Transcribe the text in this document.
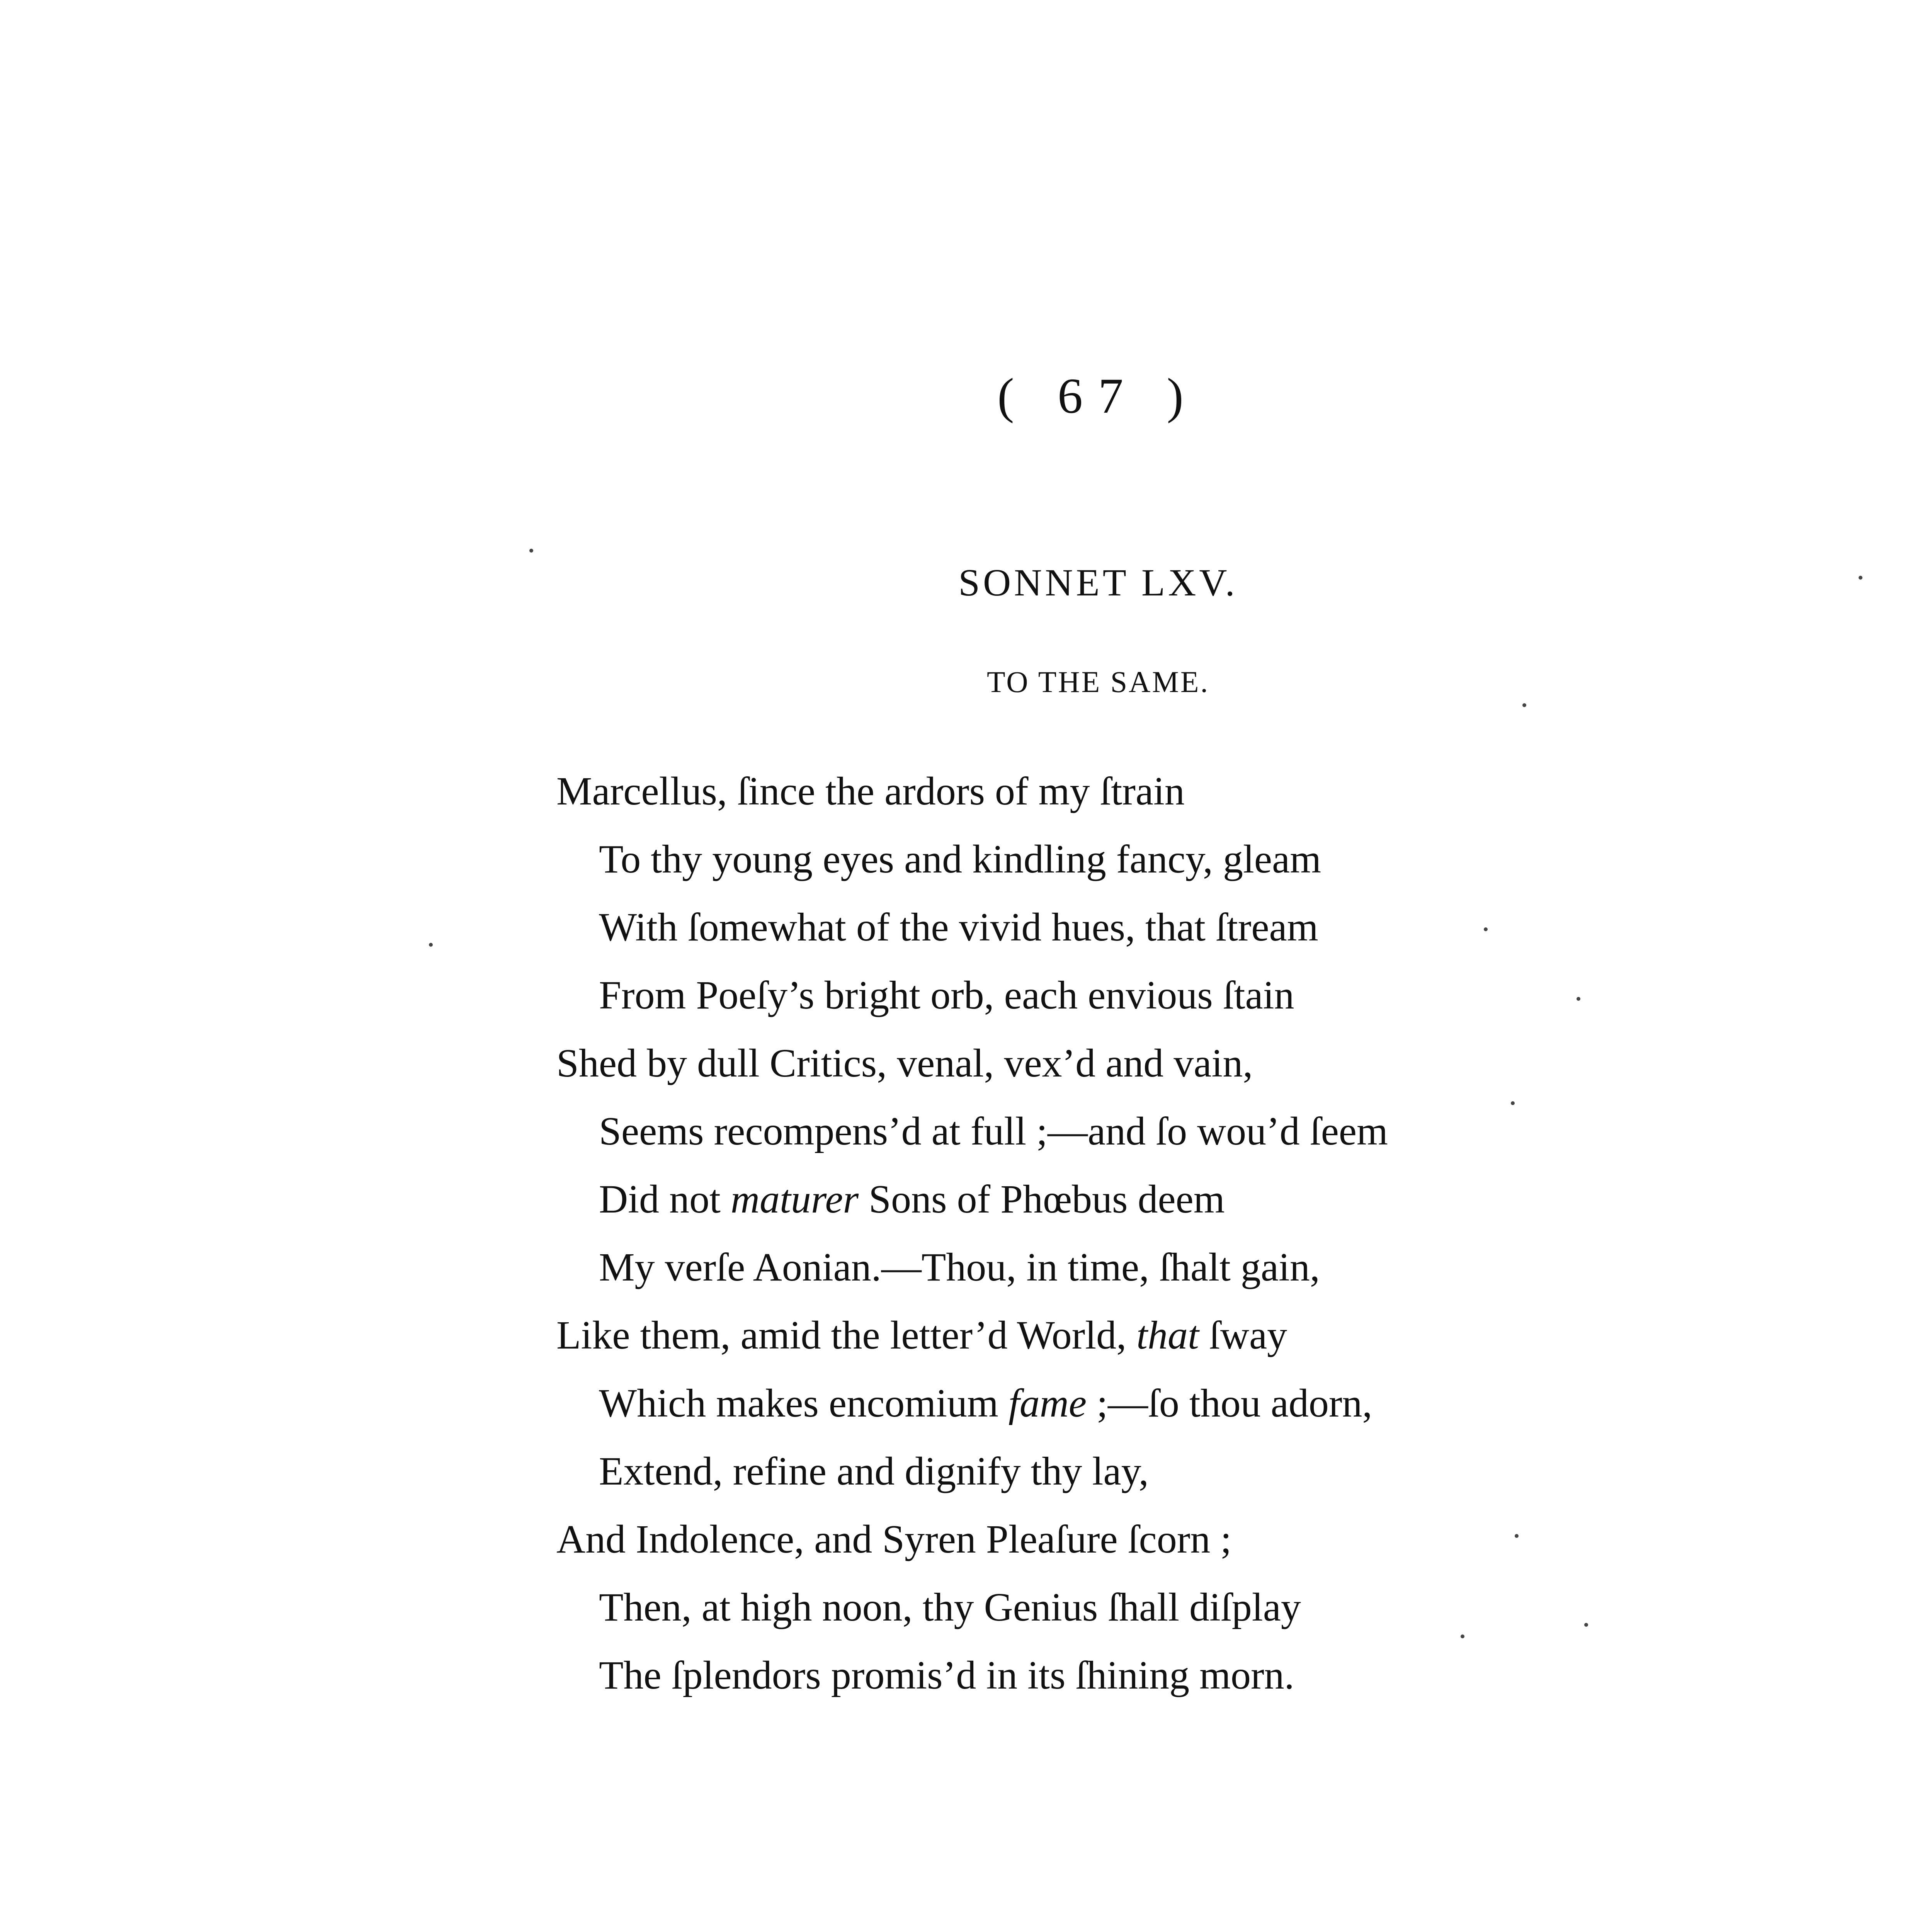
( 67 )
SONNET LXV.
TO THE SAME.
Marcellus, ſince the ardors of my ſtrain
To thy young eyes and kindling fancy, gleam
With ſomewhat of the vivid hues, that ſtream
From Poeſy’s bright orb, each envious ſtain
Shed by dull Critics, venal, vex’d and vain,
Seems recompens’d at full ;—and ſo wou’d ſeem
Did not maturer Sons of Phœbus deem
My verſe Aonian.—Thou, in time, ſhalt gain,
Like them, amid the letter’d World, that ſway
Which makes encomium fame ;—ſo thou adorn,
Extend, refine and dignify thy lay,
And Indolence, and Syren Pleaſure ſcorn ;
Then, at high noon, thy Genius ſhall diſplay
The ſplendors promis’d in its ſhining morn.
